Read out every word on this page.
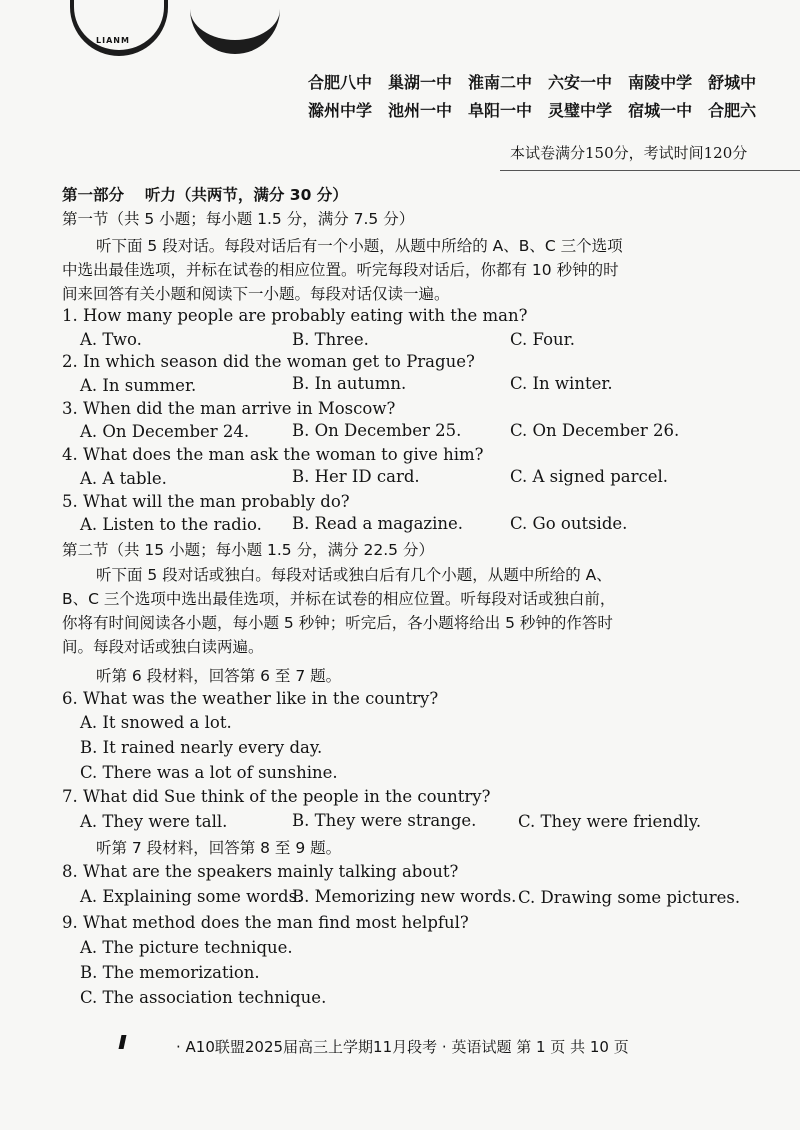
LIANM
合肥八中 巢湖一中 淮南二中 六安一中 南陵中学 舒城中
滁州中学 池州一中 阜阳一中 灵璧中学 宿城一中 合肥六
本试卷满分150分，考试时间120分
第一部分　 听力（共两节，满分 30 分）
第一节（共 5 小题；每小题 1.5 分，满分 7.5 分）
听下面 5 段对话。每段对话后有一个小题，从题中所给的 A、B、C 三个选项
中选出最佳选项，并标在试卷的相应位置。听完每段对话后，你都有 10 秒钟的时
间来回答有关小题和阅读下一小题。每段对话仅读一遍。
1. How many people are probably eating with the man?
A. Two.	B. Three.	C. Four.
2. In which season did the woman get to Prague?
A. In summer.	B. In autumn.	C. In winter.
3. When did the man arrive in Moscow?
A. On December 24.	B. On December 25.	C. On December 26.
4. What does the man ask the woman to give him?
A. A table.	B. Her ID card.	C. A signed parcel.
5. What will the man probably do?
A. Listen to the radio. B. Read a magazine.	C. Go outside.
第二节（共 15 小题；每小题 1.5 分，满分 22.5 分）
听下面 5 段对话或独白。每段对话或独白后有几个小题，从题中所给的 A、
B、C 三个选项中选出最佳选项，并标在试卷的相应位置。听每段对话或独白前，
你将有时间阅读各小题，每小题 5 秒钟；听完后，各小题将给出 5 秒钟的作答时
间。每段对话或独白读两遍。
听第 6 段材料，回答第 6 至 7 题。
6. What was the weather like in the country?
A. It snowed a lot.
B. It rained nearly every day.
C. There was a lot of sunshine.
7. What did Sue think of the people in the country?
A. They were tall.	B. They were strange.	C. They were friendly.
听第 7 段材料，回答第 8 至 9 题。
8. What are the speakers mainly talking about?
A. Explaining some words.
B. Memorizing new words. C. Drawing some pictures.
9. What method does the man find most helpful?
A. The picture technique.
B. The memorization.
C. The association technique.
· A10联盟2025届高三上学期11月段考 · 英语试题 第 1 页 共 10 页
